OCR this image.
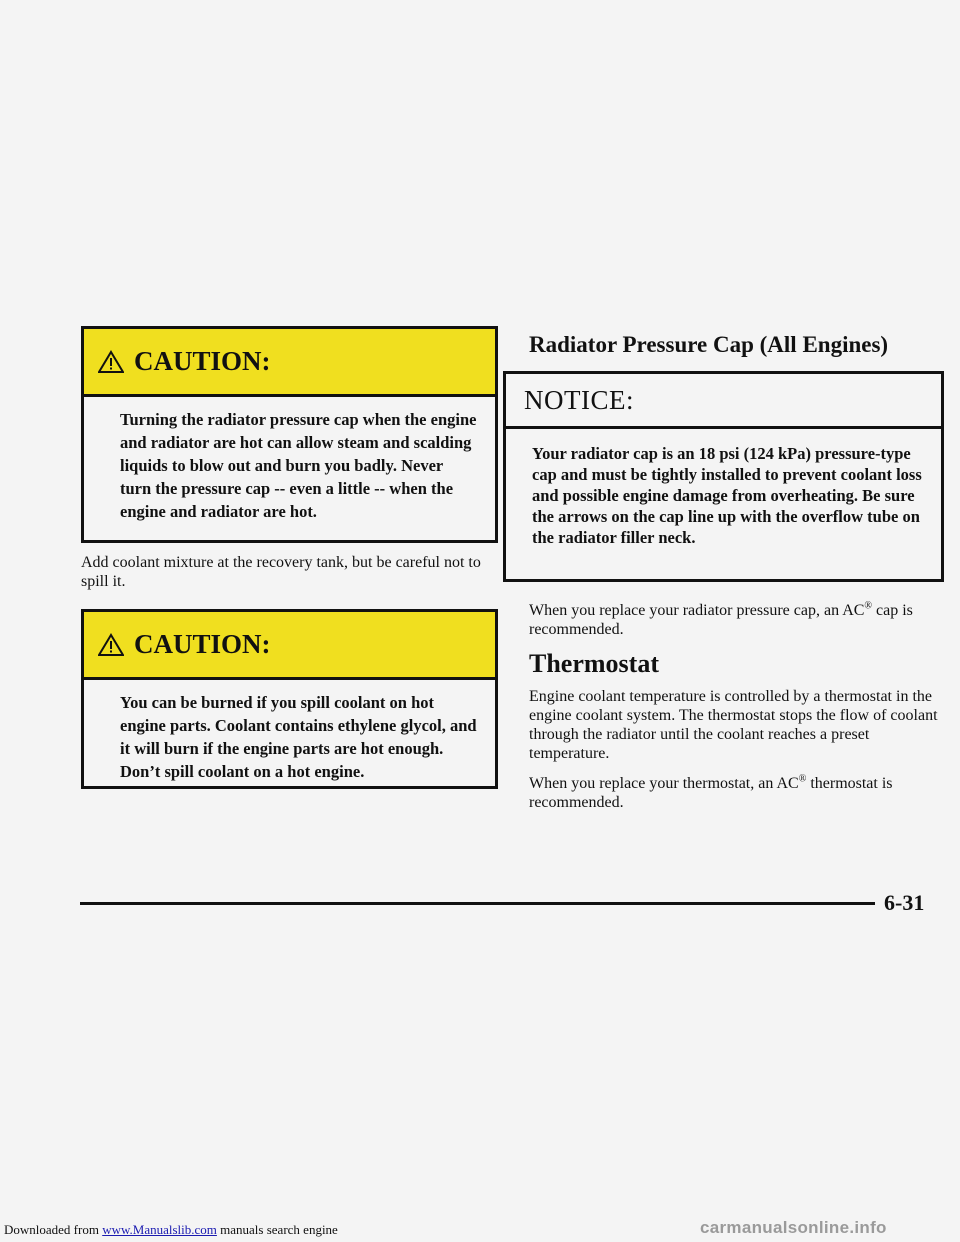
CAUTION:
Turning the radiator pressure cap when the engine and radiator are hot can allow steam and scalding liquids to blow out and burn you badly. Never turn the pressure cap -- even a little -- when the engine and radiator are hot.
Add coolant mixture at the recovery tank, but be careful not to spill it.
CAUTION:
You can be burned if you spill coolant on hot engine parts. Coolant contains ethylene glycol, and it will burn if the engine parts are hot enough. Don’t spill coolant on a hot engine.
Radiator Pressure Cap (All Engines)
NOTICE:
Your radiator cap is an 18 psi (124 kPa) pressure-type cap and must be tightly installed to prevent coolant loss and possible engine damage from overheating. Be sure the arrows on the cap line up with the overflow tube on the radiator filler neck.
When you replace your radiator pressure cap, an AC® cap is recommended.
Thermostat
Engine coolant temperature is controlled by a thermostat in the engine coolant system. The thermostat stops the flow of coolant through the radiator until the coolant reaches a preset temperature.
When you replace your thermostat, an AC® thermostat is recommended.
6-31
Downloaded from www.Manualslib.com manuals search engine	carmanualsonline.info
